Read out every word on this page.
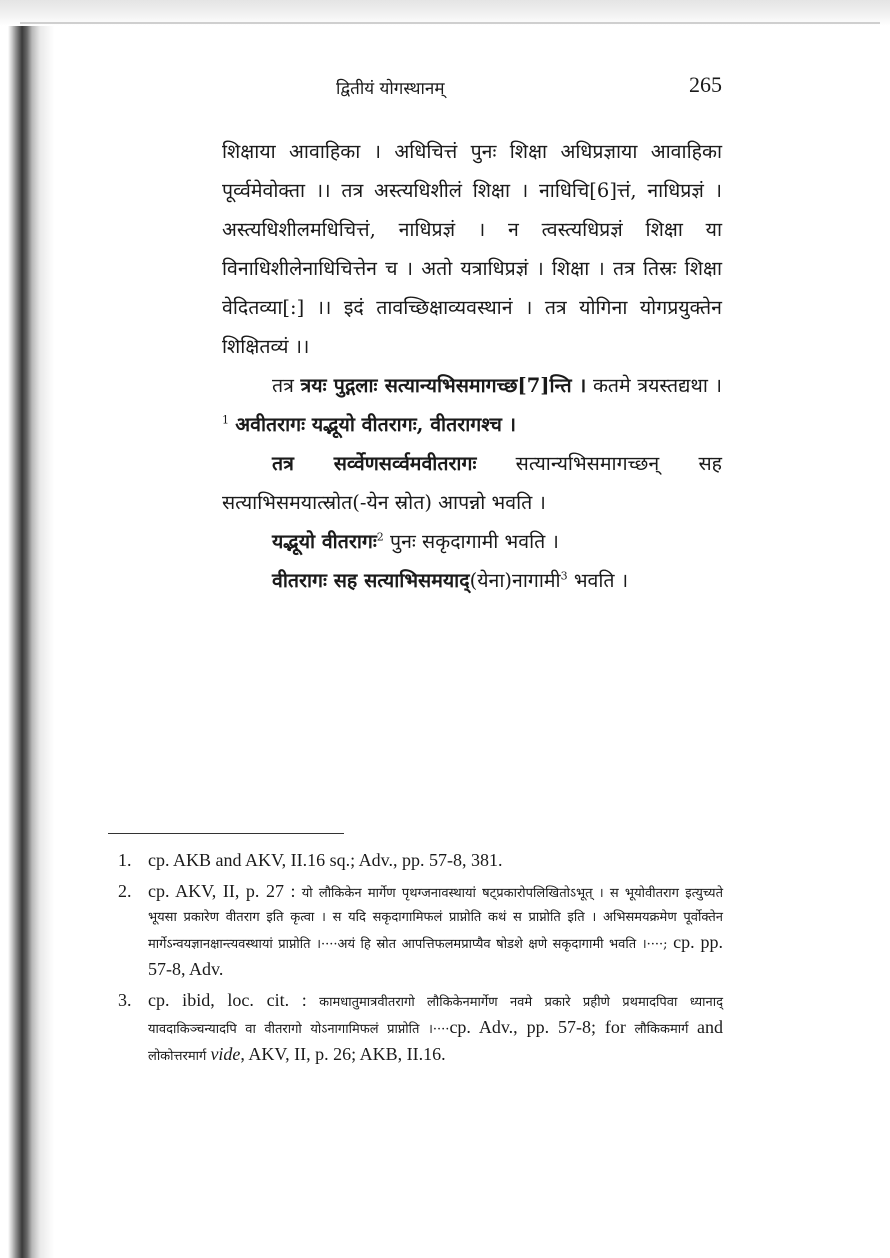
द्वितीयं योगस्थानम्	265

शिक्षाया आवाहिका । अधिचित्तं पुनः शिक्षा अधिप्रज्ञाया आवाहिका पूर्व्वमेवोक्ता ।। तत्र अस्त्यधिशीलं शिक्षा । नाधिचि[6]त्तं, नाधिप्रज्ञं । अस्त्यधिशीलमधिचित्तं, नाधिप्रज्ञं । न त्वस्त्यधिप्रज्ञं शिक्षा या विनाधिशीलेनाधिचित्तेन च । अतो यत्राधिप्रज्ञं । शिक्षा । तत्र तिस्रः शिक्षा वेदितव्या[:] ।। इदं तावच्छिक्षाव्यवस्थानं । तत्र योगिना योगप्रयुक्तेन शिक्षितव्यं ।।

तत्र त्रयः पुद्गलाः सत्यान्यभिसमागच्छ[7]न्ति । कतमे त्रयस्तद्यथा ।$^1$ अवीतरागः यद्भूयो वीतरागः, वीतरागश्च ।

तत्र सर्व्वेणसर्व्वमवीतरागः सत्यान्यभिसमागच्छन् सह सत्याभिसमयात्स्रोत(-येन स्रोत) आपन्नो भवति ।

यद्भूयो वीतरागः$^2$ पुनः सकृदागामी भवति ।

वीतरागः सह सत्याभिसमयाद्(येना)नागामी$^3$ भवति ।

1. cp. AKB and AKV, II.16 sq.; Adv., pp. 57-8, 381.
2. cp. AKV, II, p. 27 : यो लौकिकेन मार्गेण पृथग्जनावस्थायां षट्प्रकारोपलिखितोऽभूत् । स भूयोवीतराग इत्युच्यते भूयसा प्रकारेण वीतराग इति कृत्वा । स यदि सकृदागामिफलं प्राप्नोति कथं स प्राप्नोति इति । अभिसमयक्रमेण पूर्वोक्तेन मार्गेऽन्वयज्ञानक्षान्त्यवस्थायां प्राप्नोति ।····अयं हि स्रोत आपत्तिफलमप्राप्यैव षोडशे क्षणे सकृदागामी भवति ।····; cp. pp. 57-8, Adv.
3. cp. ibid, loc. cit. : कामधातुमात्रवीतरागो लौकिकेनमार्गेण नवमे प्रकारे प्रहीणे प्रथमादपिवा ध्यानाद् यावदाकिञ्चन्यादपि वा वीतरागो योऽनागामिफलं प्राप्नोति ।····cp. Adv., pp. 57-8; for लौकिकमार्ग and लोकोत्तरमार्ग vide, AKV, II, p. 26; AKB, II.16.
